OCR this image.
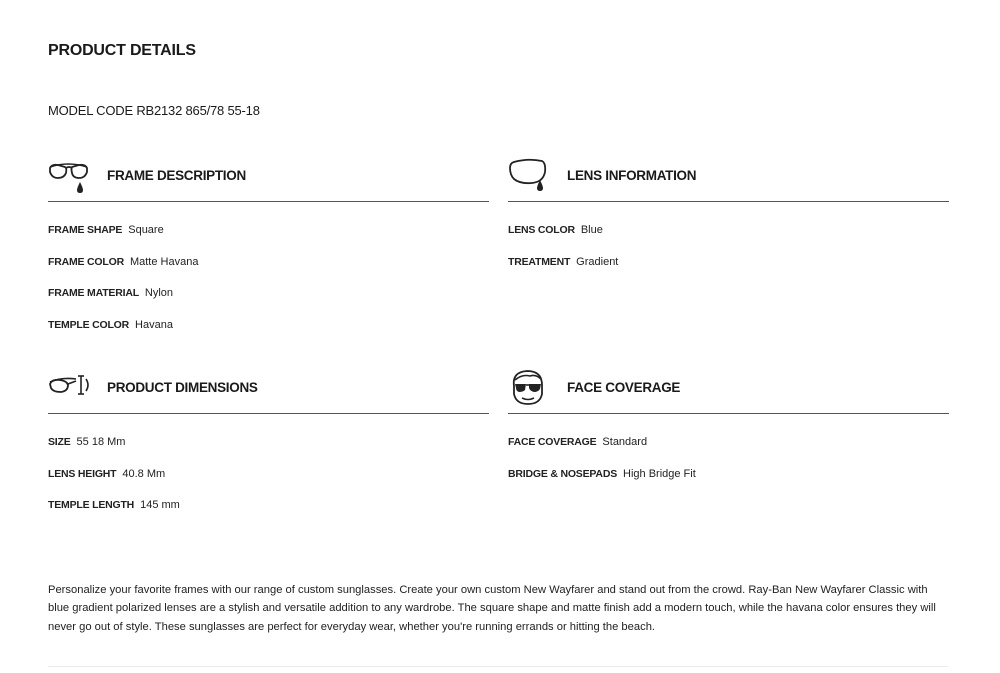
PRODUCT DETAILS
MODEL CODE RB2132 865/78 55-18
FRAME DESCRIPTION
FRAME SHAPE Square
FRAME COLOR Matte Havana
FRAME MATERIAL Nylon
TEMPLE COLOR Havana
LENS INFORMATION
LENS COLOR Blue
TREATMENT Gradient
PRODUCT DIMENSIONS
SIZE 55 18 Mm
LENS HEIGHT 40.8 Mm
TEMPLE LENGTH 145 mm
FACE COVERAGE
FACE COVERAGE Standard
BRIDGE & NOSEPADS High Bridge Fit
Personalize your favorite frames with our range of custom sunglasses. Create your own custom New Wayfarer and stand out from the crowd. Ray-Ban New Wayfarer Classic with blue gradient polarized lenses are a stylish and versatile addition to any wardrobe. The square shape and matte finish add a modern touch, while the havana color ensures they will never go out of style. These sunglasses are perfect for everyday wear, whether you're running errands or hitting the beach.
